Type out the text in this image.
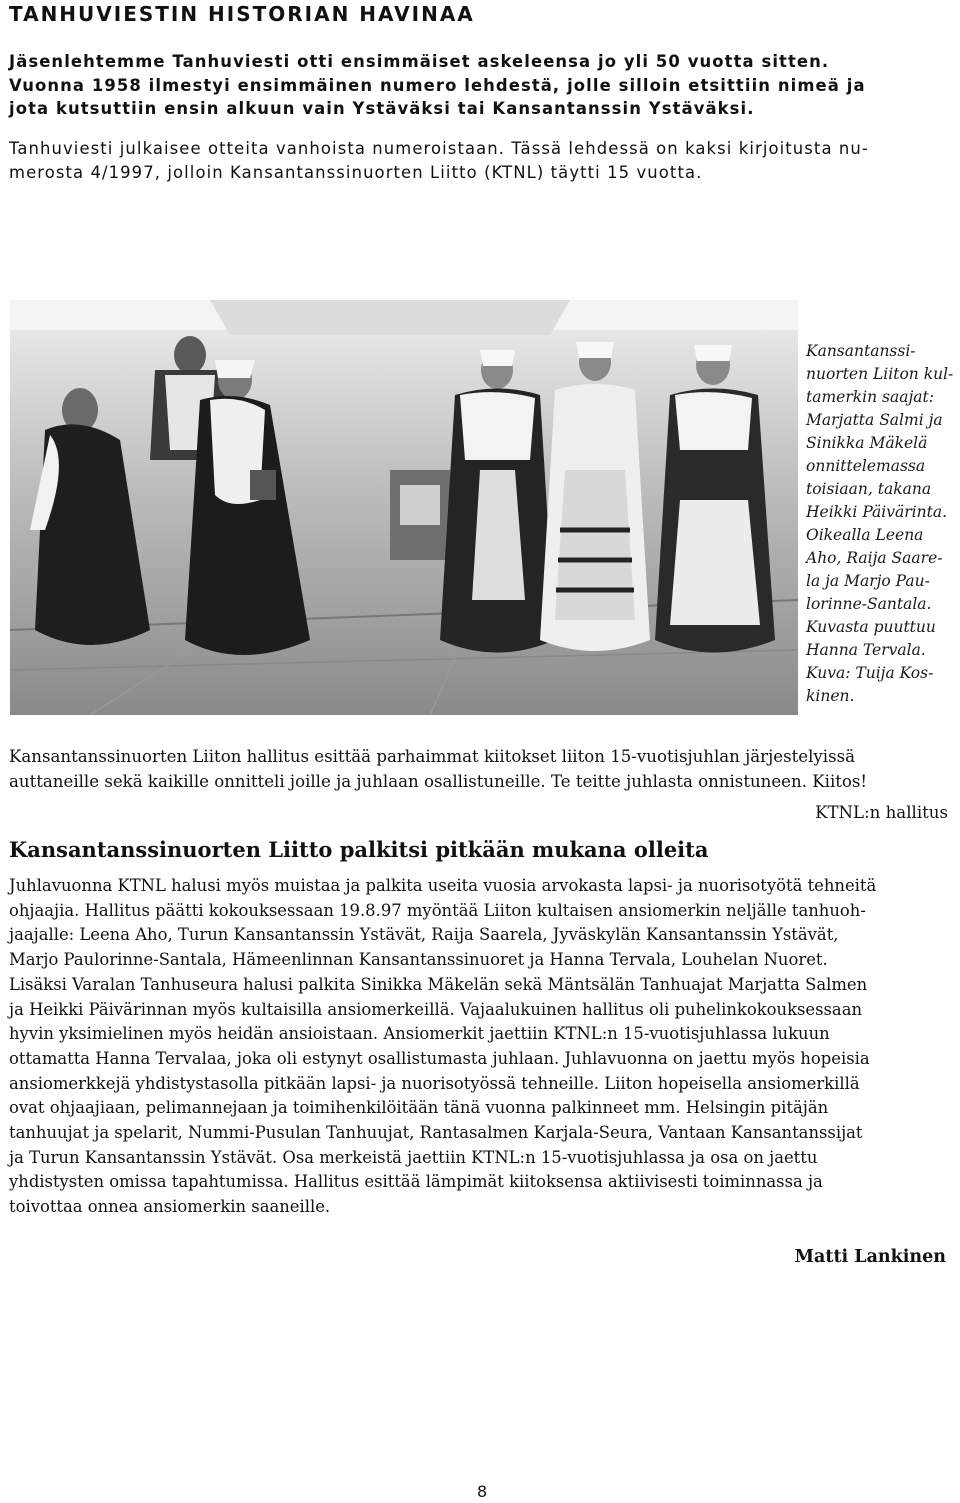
TANHUVIESTIN HISTORIAN HAVINAA

Jäsenlehtemme Tanhuviesti otti ensimmäiset askeleensa jo yli 50 vuotta sitten.
Vuonna 1958 ilmestyi ensimmäinen numero lehdestä, jolle silloin etsittiin nimeä ja
jota kutsuttiin ensin alkuun vain Ystäväksi tai Kansantanssin Ystäväksi.

Tanhuviesti julkaisee otteita vanhoista numeroistaan. Tässä lehdessä on kaksi kirjoitusta nu-
merosta 4/1997, jolloin Kansantanssinuorten Liitto (KTNL) täytti 15 vuotta.

Kansantanssi-
nuorten Liiton kul-
tamerkin saajat:
Marjatta Salmi ja
Sinikka Mäkelä
onnittelemassa
toisiaan, takana
Heikki Päivärinta.
Oikealla Leena
Aho, Raija Saare-
la ja Marjo Pau-
lorinne-Santala.
Kuvasta puuttuu
Hanna Tervala.
Kuva: Tuija Kos-
kinen.

Kansantanssinuorten Liiton hallitus esittää parhaimmat kiitokset liiton 15-vuotisjuhlan järjestelyissä
auttaneille sekä kaikille onnitteli joille ja juhlaan osallistuneille. Te teitte juhlasta onnistuneen. Kiitos!

KTNL:n hallitus

Kansantanssinuorten Liitto palkitsi pitkään mukana olleita

Juhlavuonna KTNL halusi myös muistaa ja palkita useita vuosia arvokasta lapsi- ja nuorisotyötä tehneitä
ohjaajia. Hallitus päätti kokouksessaan 19.8.97 myöntää Liiton kultaisen ansiomerkin neljälle tanhuoh-
jaajalle: Leena Aho, Turun Kansantanssin Ystävät, Raija Saarela, Jyväskylän Kansantanssin Ystävät,
Marjo Paulorinne-Santala, Hämeenlinnan Kansantanssinuoret ja Hanna Tervala, Louhelan Nuoret.
Lisäksi Varalan Tanhuseura halusi palkita Sinikka Mäkelän sekä Mäntsälän Tanhuajat Marjatta Salmen
ja Heikki Päivärinnan myös kultaisilla ansiomerkeillä. Vajaalukuinen hallitus oli puhelinkokouksessaan
hyvin yksimielinen myös heidän ansioistaan. Ansiomerkit jaettiin KTNL:n 15-vuotisjuhlassa lukuun
ottamatta Hanna Tervalaa, joka oli estynyt osallistumasta juhlaan. Juhlavuonna on jaettu myös hopeisia
ansiomerkkejä yhdistystasolla pitkään lapsi- ja nuorisotyössä tehneille. Liiton hopeisella ansiomerkillä
ovat ohjaajiaan, pelimannejaan ja toimihenkilöitään tänä vuonna palkinneet mm. Helsingin pitäjän
tanhuujat ja spelarit, Nummi-Pusulan Tanhuujat, Rantasalmen Karjala-Seura, Vantaan Kansantanssijat
ja Turun Kansantanssin Ystävät. Osa merkeistä jaettiin KTNL:n 15-vuotisjuhlassa ja osa on jaettu
yhdistysten omissa tapahtumissa. Hallitus esittää lämpimät kiitoksensa aktiivisesti toiminnassa ja
toivottaa onnea ansiomerkin saaneille.

Matti Lankinen

8
